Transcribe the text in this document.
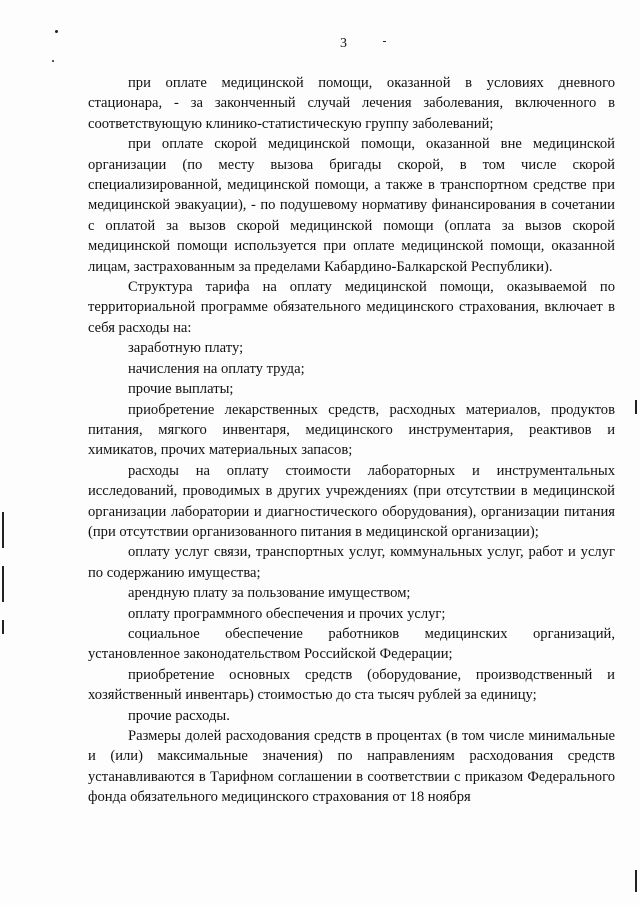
3

при оплате медицинской помощи, оказанной в условиях дневного стационара, - за законченный случай лечения заболевания, включенного в соответствующую клинико-статистическую группу заболеваний;

при оплате скорой медицинской помощи, оказанной вне медицинской организации (по месту вызова бригады скорой, в том числе скорой специализированной, медицинской помощи, а также в транспортном средстве при медицинской эвакуации), - по подушевому нормативу финансирования в сочетании с оплатой за вызов скорой медицинской помощи (оплата за вызов скорой медицинской помощи используется при оплате медицинской помощи, оказанной лицам, застрахованным за пределами Кабардино-Балкарской Республики).

Структура тарифа на оплату медицинской помощи, оказываемой по территориальной программе обязательного медицинского страхования, включает в себя расходы на:

заработную плату;

начисления на оплату труда;

прочие выплаты;

приобретение лекарственных средств, расходных материалов, продуктов питания, мягкого инвентаря, медицинского инструментария, реактивов и химикатов, прочих материальных запасов;

расходы на оплату стоимости лабораторных и инструментальных исследований, проводимых в других учреждениях (при отсутствии в медицинской организации лаборатории и диагностического оборудования), организации питания (при отсутствии организованного питания в медицинской организации);

оплату услуг связи, транспортных услуг, коммунальных услуг, работ и услуг по содержанию имущества;

арендную плату за пользование имуществом;

оплату программного обеспечения и прочих услуг;

социальное обеспечение работников медицинских организаций, установленное законодательством Российской Федерации;

приобретение основных средств (оборудование, производственный и хозяйственный инвентарь) стоимостью до ста тысяч рублей за единицу;

прочие расходы.

Размеры долей расходования средств в процентах (в том числе минимальные и (или) максимальные значения) по направлениям расходования средств устанавливаются в Тарифном соглашении в соответствии с приказом Федерального фонда обязательного медицинского страхования от 18 ноября
